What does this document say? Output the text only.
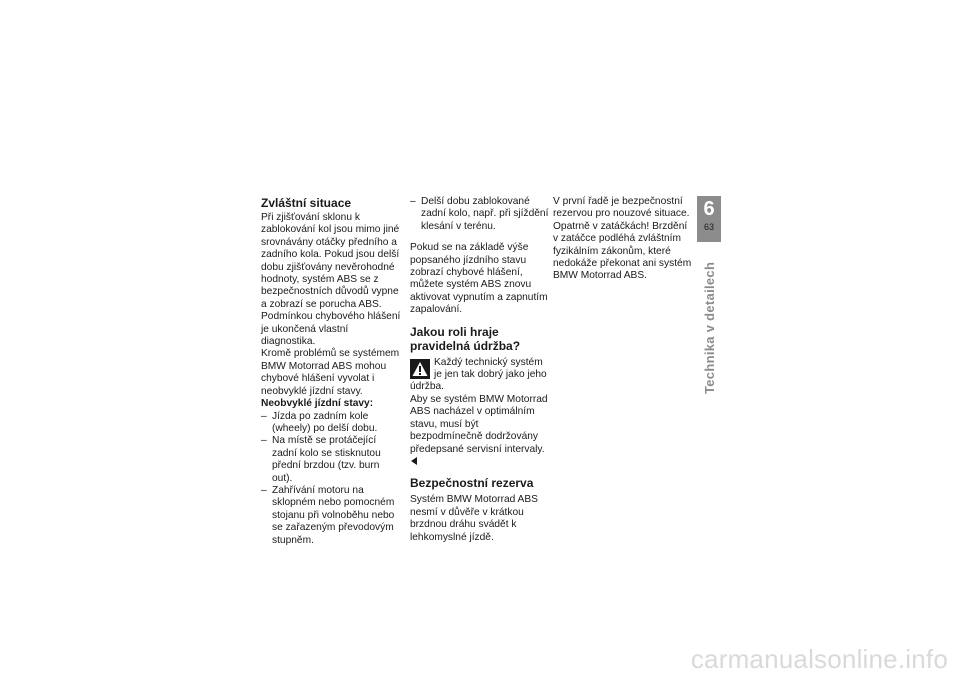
Zvláštní situace

Při zjišťování sklonu k zablokování kol jsou mimo jiné srovnávány otáčky předního a zadního kola. Pokud jsou delší dobu zjišťovány nevěrohodné hodnoty, systém ABS se z bezpečnostních důvodů vypne a zobrazí se porucha ABS. Podmínkou chybového hlášení je ukončená vlastní diagnostika.

Kromě problémů se systémem BMW Motorrad ABS mohou chybové hlášení vyvolat i neobvyklé jízdní stavy.

Neobvyklé jízdní stavy:

– Jízda po zadním kole (wheely) po delší dobu.
– Na místě se protáčející zadní kolo se stisknutou přední brzdou (tzv. burn out).
– Zahřívání motoru na sklopném nebo pomocném stojanu při volnoběhu nebo se zařazeným převodovým stupněm.
– Delší dobu zablokované zadní kolo, např. při sjíždění klesání v terénu.

Pokud se na základě výše popsaného jízdního stavu zobrazí chybové hlášení, můžete systém ABS znovu aktivovat vypnutím a zapnutím zapalování.

Jakou roli hraje pravidelná údržba?
Každý technický systém je jen tak dobrý jako jeho údržba.

Aby se systém BMW Motorrad ABS nacházel v optimálním stavu, musí být bezpodmínečně dodržovány předepsané servisní intervaly.

Bezpečnostní rezerva

Systém BMW Motorrad ABS nesmí v důvěře v krátkou brzdnou dráhu svádět k lehkomyslné jízdě.

V první řadě je bezpečnostní rezervou pro nouzové situace.

Opatrně v zatáčkách! Brzdění v zatáčce podléhá zvláštním fyzikálním zákonům, které nedokáže překonat ani systém BMW Motorrad ABS.

6
63
Technika v detailech
carmanualsonline.info
